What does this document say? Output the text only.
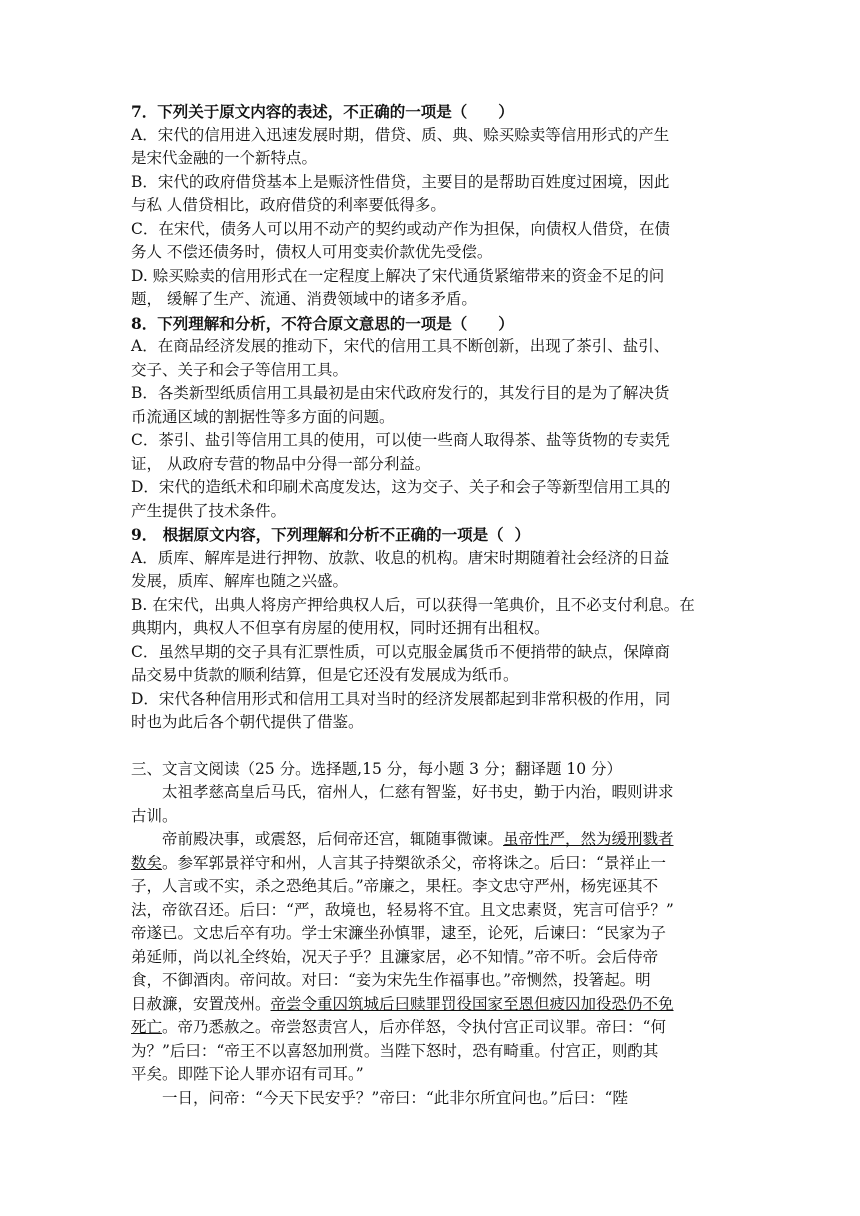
7．下列关于原文内容的表述，不正确的一项是（　　）
A．宋代的信用进入迅速发展时期，借贷、质、典、赊买赊卖等信用形式的产生
是宋代金融的一个新特点。
B．宋代的政府借贷基本上是赈济性借贷，主要目的是帮助百姓度过困境，因此
与私 人借贷相比，政府借贷的利率要低得多。
C．在宋代，债务人可以用不动产的契约或动产作为担保，向债权人借贷，在债
务人 不偿还债务时，债权人可用变卖价款优先受偿。
D. 赊买赊卖的信用形式在一定程度上解决了宋代通货紧缩带来的资金不足的问
题， 缓解了生产、流通、消费领域中的诸多矛盾。
8．下列理解和分析，不符合原文意思的一项是（　　）
A．在商品经济发展的推动下，宋代的信用工具不断创新，出现了茶引、盐引、
交子、关子和会子等信用工具。
B．各类新型纸质信用工具最初是由宋代政府发行的，其发行目的是为了解决货
币流通区域的割据性等多方面的问题。
C．茶引、盐引等信用工具的使用，可以使一些商人取得茶、盐等货物的专卖凭
证， 从政府专营的物品中分得一部分利益。
D．宋代的造纸术和印刷术高度发达，这为交子、关子和会子等新型信用工具的
产生提供了技术条件。
9． 根据原文内容，下列理解和分析不正确的一项是（  ）
A．质库、解库是进行押物、放款、收息的机构。唐宋时期随着社会经济的日益
发展，质库、解库也随之兴盛。
B. 在宋代，出典人将房产押给典权人后，可以获得一笔典价，且不必支付利息。在
典期内，典权人不但享有房屋的使用权，同时还拥有出租权。
C．虽然早期的交子具有汇票性质，可以克服金属货币不便捎带的缺点，保障商
品交易中货款的顺利结算，但是它还没有发展成为纸币。
D．宋代各种信用形式和信用工具对当时的经济发展都起到非常积极的作用，同
时也为此后各个朝代提供了借鉴。
三、文言文阅读（25 分。选择题,15 分，每小题 3 分；翻译题 10 分）
太祖孝慈高皇后马氏，宿州人，仁慈有智鉴，好书史，勤于内治，暇则讲求
古训。
帝前殿决事，或震怒，后伺帝还宫，辄随事微谏。虽帝性严，然为缓刑戮者
数矣。参军郭景祥守和州，人言其子持槊欲杀父，帝将诛之。后曰：“景祥止一
子，人言或不实，杀之恐绝其后。”帝廉之，果枉。李文忠守严州，杨宪诬其不
法，帝欲召还。后曰：“严，敌境也，轻易将不宜。且文忠素贤，宪言可信乎？”
帝遂已。文忠后卒有功。学士宋濂坐孙慎罪，逮至，论死，后谏曰：“民家为子
弟延师，尚以礼全终始，况天子乎？且濂家居，必不知情。”帝不听。会后侍帝
食，不御酒肉。帝问故。对曰：“妾为宋先生作福事也。”帝恻然，投箸起。明
日赦濂，安置茂州。帝尝令重囚筑城后曰赎罪罚役国家至恩但疲囚加役恐仍不免
死亡。帝乃悉赦之。帝尝怒责宫人，后亦佯怒，令执付宫正司议罪。帝曰：“何
为？”后曰：“帝王不以喜怒加刑赏。当陛下怒时，恐有畸重。付宫正，则酌其
平矣。即陛下论人罪亦诏有司耳。”
一日，问帝：“今天下民安乎？”帝曰：“此非尔所宜问也。”后曰：“陛
